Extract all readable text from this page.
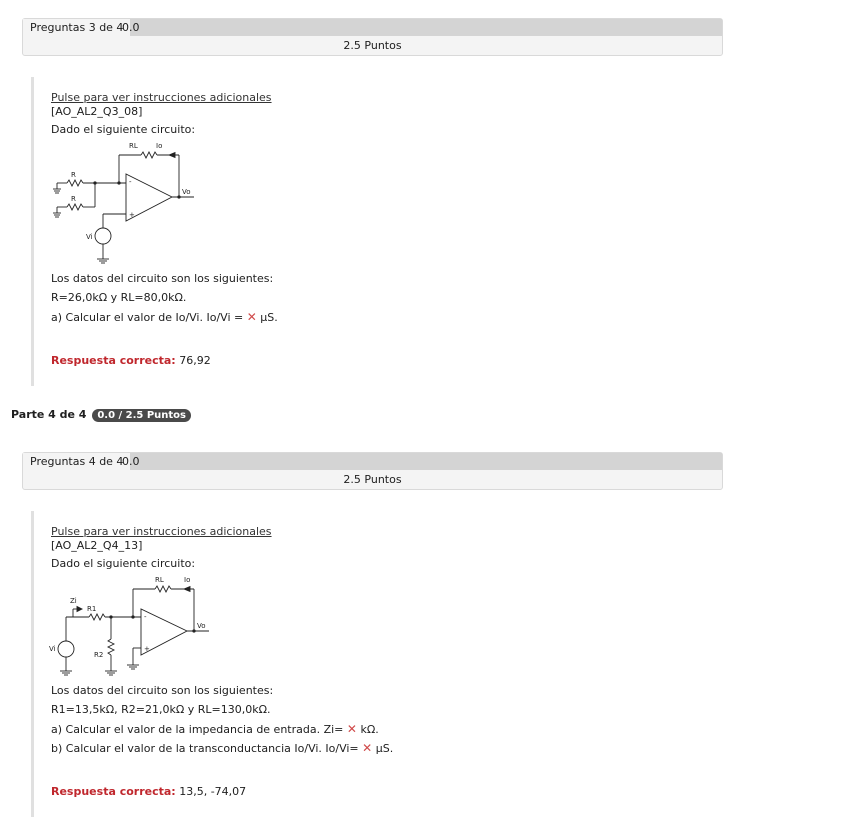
Preguntas 3 de 4
0.0
2.5 Puntos
Pulse para ver instrucciones adicionales
[AO_AL2_Q3_08]
Dado el siguiente circuito:
-
+
RL	Io
R
R
Vo
Vi
Los datos del circuito son los siguientes:
R=26,0kΩ y RL=80,0kΩ.
a) Calcular el valor de Io/Vi. Io/Vi = ✕ µS.
Respuesta correcta: 76,92
Parte 4 de 4 0.0 / 2.5 Puntos
Preguntas 4 de 4
0.0
2.5 Puntos
Pulse para ver instrucciones adicionales
[AO_AL2_Q4_13]
Dado el siguiente circuito:
-
+
RL	Io
Zi
R1
R2
Vo
Vi
Los datos del circuito son los siguientes:
R1=13,5kΩ, R2=21,0kΩ y RL=130,0kΩ.
a) Calcular el valor de la impedancia de entrada. Zi= ✕ kΩ.
b) Calcular el valor de la transconductancia Io/Vi. Io/Vi= ✕ µS.
Respuesta correcta: 13,5, -74,07
